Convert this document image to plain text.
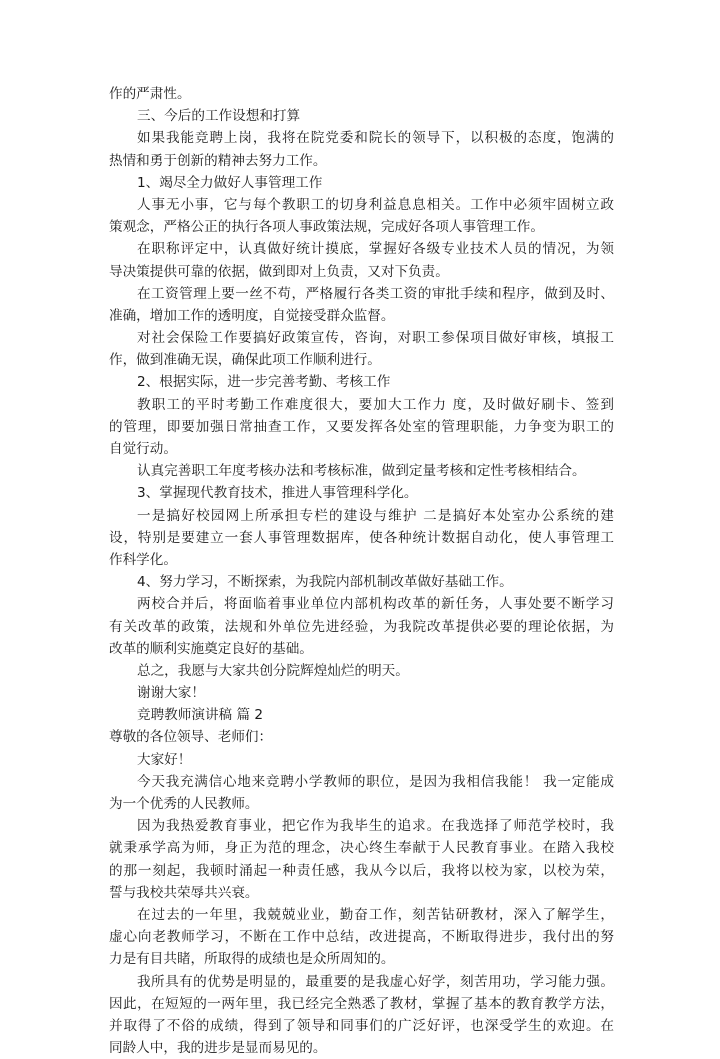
作的严肃性。
三、今后的工作设想和打算
如果我能竞聘上岗，我将在院党委和院长的领导下，以积极的态度，饱满的
热情和勇于创新的精神去努力工作。
1、竭尽全力做好人事管理工作
人事无小事，它与每个教职工的切身利益息息相关。工作中必须牢固树立政
策观念，严格公正的执行各项人事政策法规，完成好各项人事管理工作。
在职称评定中，认真做好统计摸底，掌握好各级专业技术人员的情况，为领
导决策提供可靠的依据，做到即对上负责，又对下负责。
在工资管理上要一丝不苟，严格履行各类工资的审批手续和程序，做到及时、
准确，增加工作的透明度，自觉接受群众监督。
对社会保险工作要搞好政策宣传，咨询，对职工参保项目做好审核，填报工
作，做到准确无误，确保此项工作顺利进行。
2、根据实际，进一步完善考勤、考核工作
教职工的平时考勤工作难度很大，要加大工作力 度，及时做好刷卡、签到
的管理，即要加强日常抽查工作，又要发挥各处室的管理职能，力争变为职工的
自觉行动。
认真完善职工年度考核办法和考核标准，做到定量考核和定性考核相结合。
3、掌握现代教育技术，推进人事管理科学化。
一是搞好校园网上所承担专栏的建设与维护 二是搞好本处室办公系统的建
设，特别是要建立一套人事管理数据库，使各种统计数据自动化，使人事管理工
作科学化。
4、努力学习，不断探索，为我院内部机制改革做好基础工作。
两校合并后，将面临着事业单位内部机构改革的新任务，人事处要不断学习
有关改革的政策，法规和外单位先进经验，为我院改革提供必要的理论依据，为
改革的顺利实施奠定良好的基础。
总之，我愿与大家共创分院辉煌灿烂的明天。
谢谢大家！
竞聘教师演讲稿 篇 2
尊敬的各位领导、老师们：
大家好！
今天我充满信心地来竞聘小学教师的职位，是因为我相信我能！ 我一定能成
为一个优秀的人民教师。
因为我热爱教育事业，把它作为我毕生的追求。在我选择了师范学校时，我
就秉承学高为师，身正为范的理念，决心终生奉献于人民教育事业。在踏入我校
的那一刻起，我顿时涌起一种责任感，我从今以后，我将以校为家，以校为荣，
誓与我校共荣辱共兴衰。
在过去的一年里，我兢兢业业，勤奋工作，刻苦钻研教材，深入了解学生，
虚心向老教师学习，不断在工作中总结，改进提高，不断取得进步，我付出的努
力是有目共睹，所取得的成绩也是众所周知的。
我所具有的优势是明显的，最重要的是我虚心好学，刻苦用功，学习能力强。
因此，在短短的一两年里，我已经完全熟悉了教材，掌握了基本的教育教学方法，
并取得了不俗的成绩，得到了领导和同事们的广泛好评，也深受学生的欢迎。在
同龄人中，我的进步是显而易见的。
